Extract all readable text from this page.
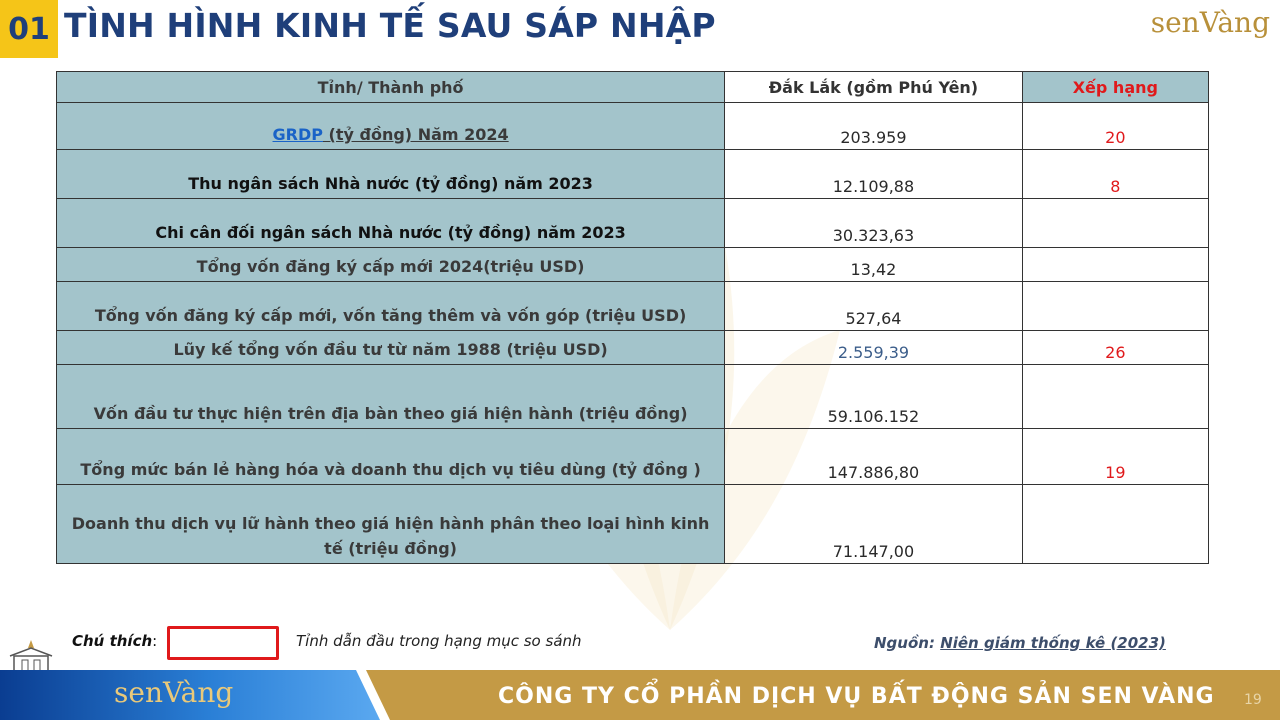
01 TÌNH HÌNH KINH TẾ SAU SÁP NHẬP	senVàng
Tỉnh/ Thành phố	Đắk Lắk (gồm Phú Yên)	Xếp hạng
GRDP (tỷ đồng) Năm 2024	203.959	20
Thu ngân sách Nhà nước (tỷ đồng) năm 2023	12.109,88	8
Chi cân đối ngân sách Nhà nước (tỷ đồng) năm 2023	30.323,63	
Tổng vốn đăng ký cấp mới 2024(triệu USD)	13,42	
Tổng vốn đăng ký cấp mới, vốn tăng thêm và vốn góp (triệu USD)	527,64	
Lũy kế tổng vốn đầu tư từ năm 1988 (triệu USD)	2.559,39	26
Vốn đầu tư thực hiện trên địa bàn theo giá hiện hành (triệu đồng)	59.106.152	
Tổng mức bán lẻ hàng hóa và doanh thu dịch vụ tiêu dùng (tỷ đồng )	147.886,80	19
Doanh thu dịch vụ lữ hành theo giá hiện hành phân theo loại hình kinh tế (triệu đồng)	71.147,00	
Chú thích:	Tỉnh dẫn đầu trong hạng mục so sánh	Nguồn: Niên giám thống kê (2023)
senVàng	CÔNG TY CỔ PHẦN DỊCH VỤ BẤT ĐỘNG SẢN SEN VÀNG 19
